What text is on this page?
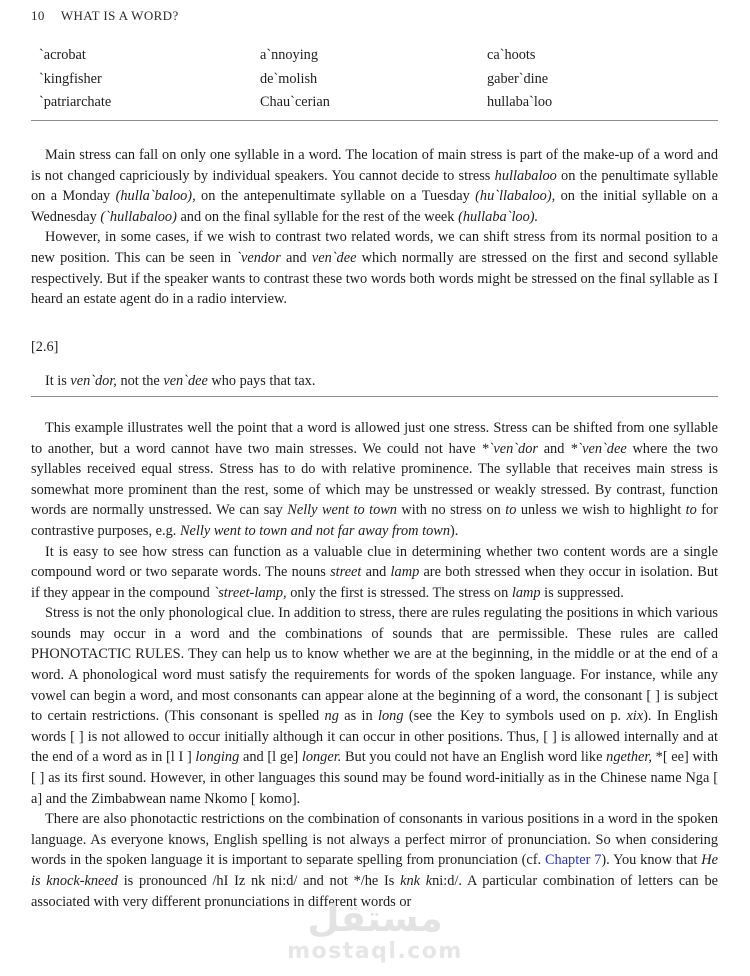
10 WHAT IS A WORD?
`acrobat	a`nnoying	ca`hoots
`kingfisher	de`molish	gaber`dine
`patriarchate	Chau`cerian	hullaba`loo

Main stress can fall on only one syllable in a word. The location of main stress is part of the make-up of a word and is not changed capriciously by individual speakers. You cannot decide to stress hullabaloo on the penultimate syllable on a Monday (hulla`baloo), on the antepenultimate syllable on a Tuesday (hu`llabaloo), on the initial syllable on a Wednesday (`hullabaloo) and on the final syllable for the rest of the week (hullaba`loo).

However, in some cases, if we wish to contrast two related words, we can shift stress from its normal position to a new position. This can be seen in `vendor and ven`dee which normally are stressed on the first and second syllable respectively. But if the speaker wants to contrast these two words both words might be stressed on the final syllable as I heard an estate agent do in a radio interview.

[2.6]
It is ven`dor, not the ven`dee who pays that tax.

This example illustrates well the point that a word is allowed just one stress. Stress can be shifted from one syllable to another, but a word cannot have two main stresses. We could not have *`ven`dor and *`ven`dee where the two syllables received equal stress. Stress has to do with relative prominence. The syllable that receives main stress is somewhat more prominent than the rest, some of which may be unstressed or weakly stressed. By contrast, function words are normally unstressed. We can say Nelly went to town with no stress on to unless we wish to highlight to for contrastive purposes, e.g. Nelly went to town and not far away from town).

It is easy to see how stress can function as a valuable clue in determining whether two content words are a single compound word or two separate words. The nouns street and lamp are both stressed when they occur in isolation. But if they appear in the compound `street-lamp, only the first is stressed. The stress on lamp is suppressed.

Stress is not the only phonological clue. In addition to stress, there are rules regulating the positions in which various sounds may occur in a word and the combinations of sounds that are permissible. These rules are called PHONOTACTIC RULES. They can help us to know whether we are at the beginning, in the middle or at the end of a word. A phonological word must satisfy the requirements for words of the spoken language. For instance, while any vowel can begin a word, and most consonants can appear alone at the beginning of a word, the consonant [ ] is subject to certain restrictions. (This consonant is spelled ng as in long (see the Key to symbols used on p. xix). In English words [ ] is not allowed to occur initially although it can occur in other positions. Thus, [ ] is allowed internally and at the end of a word as in [l I ] longing and [l ge] longer. But you could not have an English word like ngether, *[ ee] with [ ] as its first sound. However, in other languages this sound may be found word-initially as in the Chinese name Nga [ a] and the Zimbabwean name Nkomo [ komo].

There are also phonotactic restrictions on the combination of consonants in various positions in a word in the spoken language. As everyone knows, English spelling is not always a perfect mirror of pronunciation. So when considering words in the spoken language it is important to separate spelling from pronunciation (cf. Chapter 7). You know that He is knock-kneed is pronounced /hI Iz nk ni:d/ and not */he Is knk kni:d/. A particular combination of letters can be associated with very different pronunciations in different words or

مستقل
mostaql.com
